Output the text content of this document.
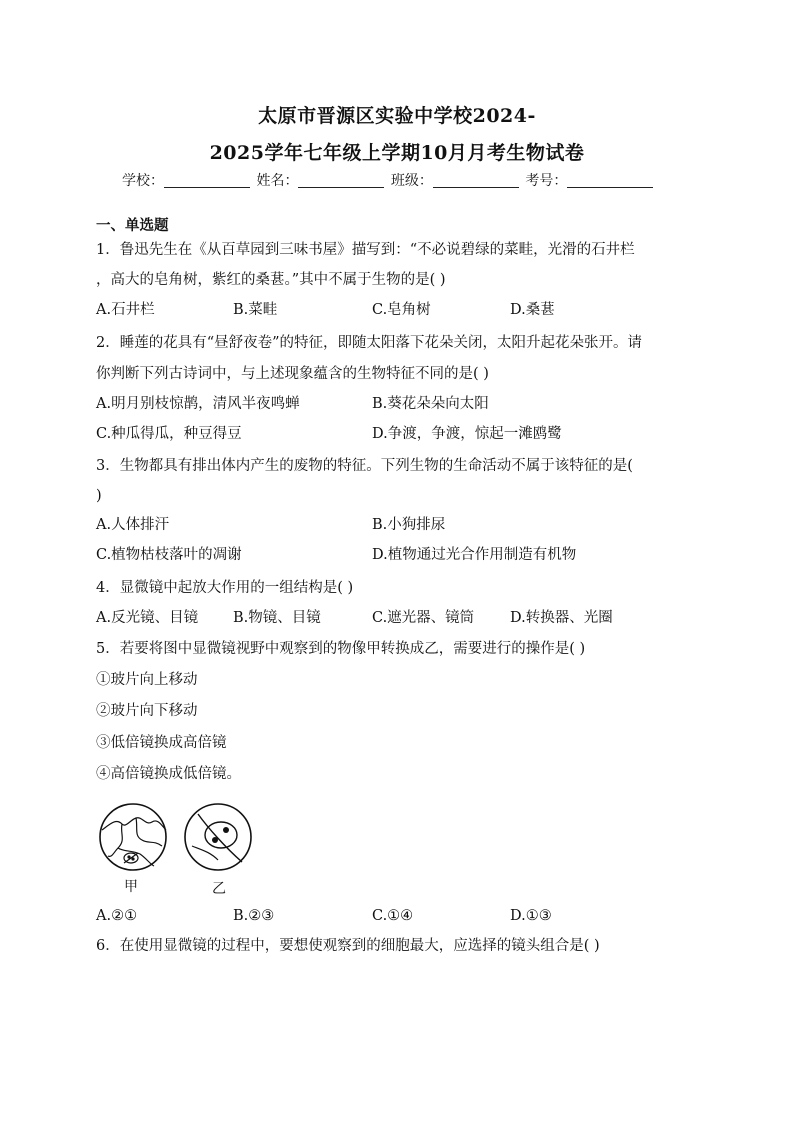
太原市晋源区实验中学校2024-
2025学年七年级上学期10月月考生物试卷
学校：	姓名：	班级：	考号：
一、单选题
1．鲁迅先生在《从百草园到三味书屋》描写到：“不必说碧绿的菜畦，光滑的石井栏
，高大的皂角树，紫红的桑葚。”其中不属于生物的是( )
A.石井栏	B.菜畦	C.皂角树	D.桑葚
2．睡莲的花具有“昼舒夜卷”的特征，即随太阳落下花朵关闭，太阳升起花朵张开。请
你判断下列古诗词中，与上述现象蕴含的生物特征不同的是( )
A.明月别枝惊鹊，清风半夜鸣蝉	B.葵花朵朵向太阳
C.种瓜得瓜，种豆得豆	D.争渡，争渡，惊起一滩鸥鹭
3．生物都具有排出体内产生的废物的特征。下列生物的生命活动不属于该特征的是(
)
A.人体排汗	B.小狗排尿
C.植物枯枝落叶的凋谢	D.植物通过光合作用制造有机物
4．显微镜中起放大作用的一组结构是( )
A.反光镜、目镜 B.物镜、目镜	C.遮光器、镜筒 D.转换器、光圈
5．若要将图中显微镜视野中观察到的物像甲转换成乙，需要进行的操作是( )
①玻片向上移动
②玻片向下移动
③低倍镜换成高倍镜
④高倍镜换成低倍镜。
甲	乙
A.②①	B.②③	C.①④	D.①③
6．在使用显微镜的过程中，要想使观察到的细胞最大，应选择的镜头组合是( )
